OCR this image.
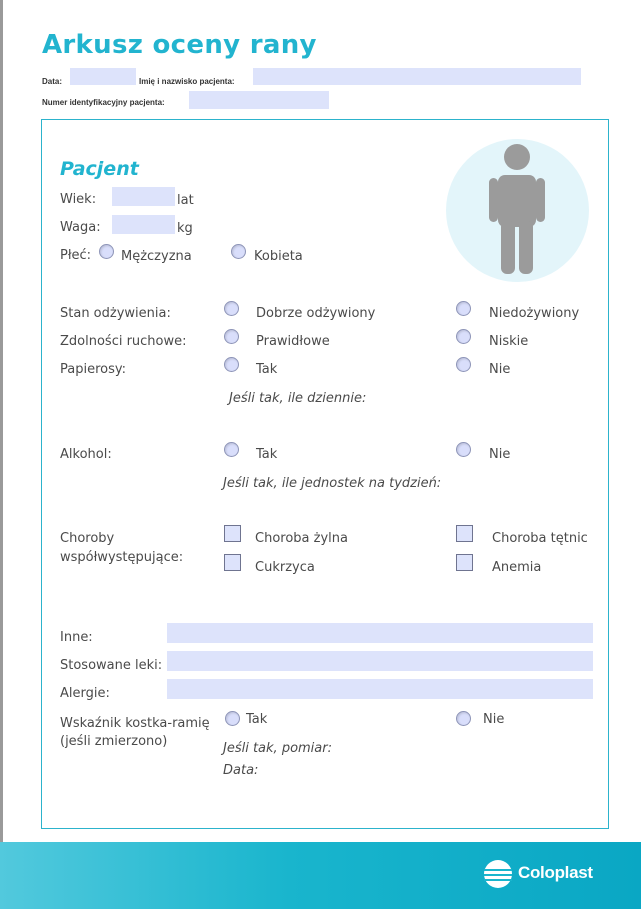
Arkusz oceny rany
Data:	Imię i nazwisko pacjenta:
Numer identyfikacyjny pacjenta:
Pacjent
Wiek:	lat
Waga:	kg
Płeć: Mężczyzna	Kobieta
Stan odżywienia:	Dobrze odżywiony	Niedożywiony
Zdolności ruchowe:	Prawidłowe	Niskie
Papierosy:	Tak	Nie
Jeśli tak, ile dziennie:
Alkohol:	Tak	Nie
Jeśli tak, ile jednostek na tydzień:
Choroby
współwystępujące:
Choroba żylna	Choroba tętnic
Cukrzyca	Anemia
Inne:
Stosowane leki:
Alergie:
Wskaźnik kostka-ramię
(jeśli zmierzono)
Tak	Nie
Jeśli tak, pomiar:
Data:
Coloplast
